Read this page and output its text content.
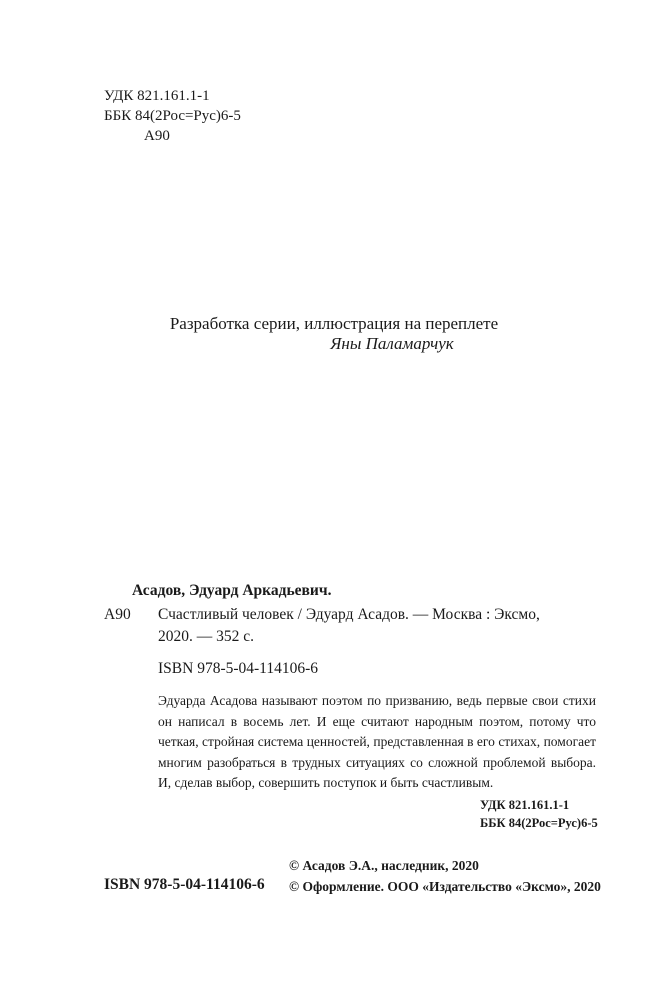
УДК 821.161.1-1
ББК 84(2Рос=Рус)6-5
А90
Разработка серии, иллюстрация на переплете
Яны Паламарчук
Асадов, Эдуард Аркадьевич.
А90 Счастливый человек / Эдуард Асадов. — Москва : Эксмо,
2020. — 352 с.
ISBN 978-5-04-114106-6

Эдуарда Асадова называют поэтом по призванию, ведь первые свои стихи он написал в восемь лет. И еще считают народным поэтом, потому что четкая, стройная система ценностей, представленная в его стихах, помогает многим разобраться в трудных ситуациях со сложной проблемой выбора. И, сделав выбор, совершить поступок и быть счастливым.

УДК 821.161.1-1
ББК 84(2Рос=Рус)6-5
© Асадов Э.А., наследник, 2020
ISBN 978-5-04-114106-6 © Оформление. ООО «Издательство «Эксмо», 2020
